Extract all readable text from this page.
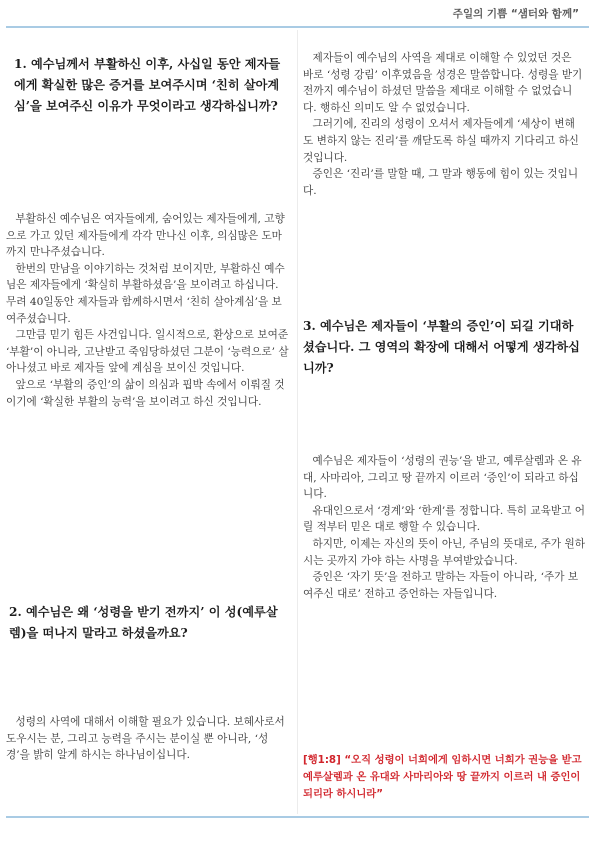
주일의 기쁨 “샘터와 함께”
1. 예수님께서 부활하신 이후, 사십일 동안 제자들에게 확실한 많은 증거를 보여주시며 ‘친히 살아계심’을 보여주신 이유가 무엇이라고 생각하십니까?

부활하신 예수님은 여자들에게, 숨어있는 제자들에게, 고향으로 가고 있던 제자들에게 각각 만나신 이후, 의심많은 도마까지 만나주셨습니다.

한번의 만남을 이야기하는 것처럼 보이지만, 부활하신 예수님은 제자들에게 ‘확실히 부활하셨음’을 보이려고 하십니다. 무려 40일동안 제자들과 함께하시면서 ‘친히 살아계심’을 보여주셨습니다.

그만큼 믿기 힘든 사건입니다. 일시적으로, 환상으로 보여준 ‘부활’이 아니라, 고난받고 죽임당하셨던 그분이 ‘능력으로’ 살아나셨고 바로 제자들 앞에 계심을 보이신 것입니다.

앞으로 ‘부활의 증인’의 삶이 의심과 핍박 속에서 이뤄질 것이기에 ‘확실한 부활의 능력’을 보이려고 하신 것입니다.

2. 예수님은 왜 ‘성령을 받기 전까지’ 이 성(예루살렘)을 떠나지 말라고 하셨을까요?

성령의 사역에 대해서 이해할 필요가 있습니다. 보혜사로서 도우시는 분, 그리고 능력을 주시는 분이실 뿐 아니라, ‘성경’을 밝히 알게 하시는 하나님이십니다.

제자들이 예수님의 사역을 제대로 이해할 수 있었던 것은 바로 ‘성령 강림’ 이후였음을 성경은 말씀합니다. 성령을 받기 전까지 예수님이 하셨던 말씀을 제대로 이해할 수 없었습니다. 행하신 의미도 알 수 없었습니다.

그러기에, 진리의 성령이 오셔서 제자들에게 ‘세상이 변해도 변하지 않는 진리’를 깨닫도록 하실 때까지 기다리고 하신 것입니다.

증인은 ‘진리’를 말할 때, 그 말과 행동에 힘이 있는 것입니다.

3. 예수님은 제자들이 ‘부활의 증인’이 되길 기대하셨습니다. 그 영역의 확장에 대해서 어떻게 생각하십니까?

예수님은 제자들이 ‘성령의 권능’을 받고, 예루살렘과 온 유대, 사마리아, 그리고 땅 끝까지 이르러 ‘증인’이 되라고 하십니다.

유대인으로서 ‘경계’와 ‘한계’를 정합니다. 특히 교육받고 어릴 적부터 믿은 대로 행할 수 있습니다.

하지만, 이제는 자신의 뜻이 아닌, 주님의 뜻대로, 주가 원하시는 곳까지 가야 하는 사명을 부여받았습니다.

증인은 ‘자기 뜻’을 전하고 말하는 자들이 아니라, ‘주가 보여주신 대로’ 전하고 증언하는 자들입니다.

[행1:8] “오직 성령이 너희에게 임하시면 너희가 권능을 받고 예루살렘과 온 유대와 사마리아와 땅 끝까지 이르러 내 증인이 되리라 하시니라”
